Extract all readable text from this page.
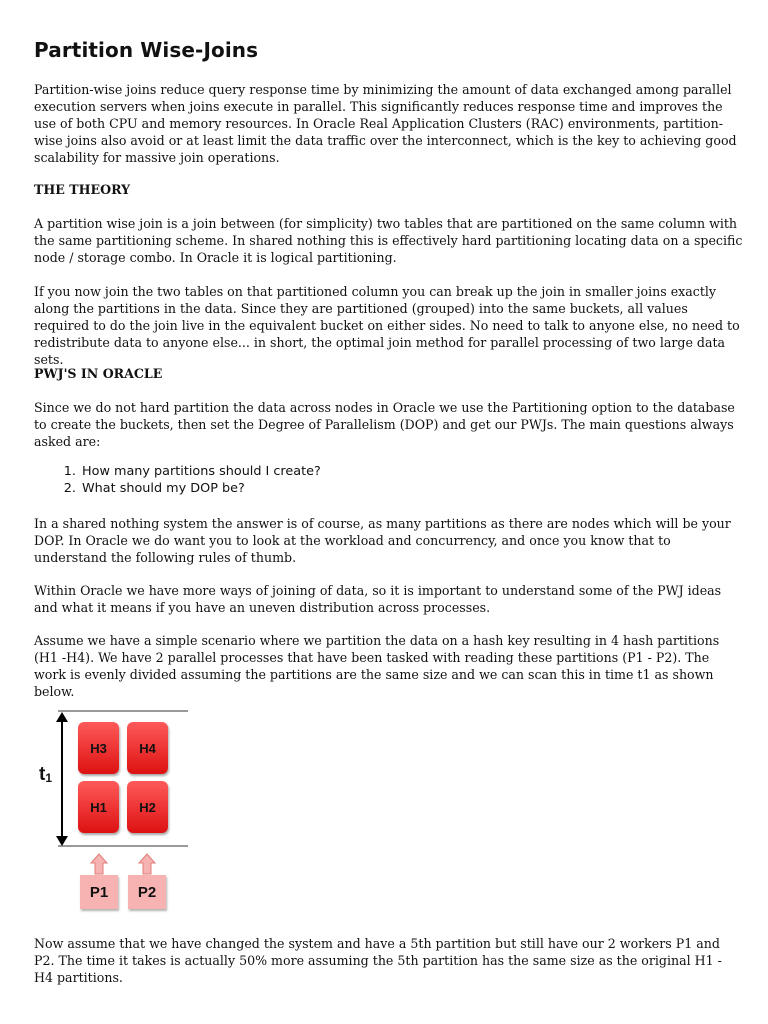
Partition Wise-Joins

Partition-wise joins reduce query response time by minimizing the amount of data exchanged among parallel execution servers when joins execute in parallel. This significantly reduces response time and improves the use of both CPU and memory resources. In Oracle Real Application Clusters (RAC) environments, partition-wise joins also avoid or at least limit the data traffic over the interconnect, which is the key to achieving good scalability for massive join operations.

THE THEORY

A partition wise join is a join between (for simplicity) two tables that are partitioned on the same column with the same partitioning scheme. In shared nothing this is effectively hard partitioning locating data on a specific node / storage combo. In Oracle it is logical partitioning.

If you now join the two tables on that partitioned column you can break up the join in smaller joins exactly along the partitions in the data. Since they are partitioned (grouped) into the same buckets, all values required to do the join live in the equivalent bucket on either sides. No need to talk to anyone else, no need to redistribute data to anyone else... in short, the optimal join method for parallel processing of two large data sets.

PWJ'S IN ORACLE

Since we do not hard partition the data across nodes in Oracle we use the Partitioning option to the database to create the buckets, then set the Degree of Parallelism (DOP) and get our PWJs. The main questions always asked are:

1. How many partitions should I create?
2. What should my DOP be?

In a shared nothing system the answer is of course, as many partitions as there are nodes which will be your DOP. In Oracle we do want you to look at the workload and concurrency, and once you know that to understand the following rules of thumb.

Within Oracle we have more ways of joining of data, so it is important to understand some of the PWJ ideas and what it means if you have an uneven distribution across processes.

Assume we have a simple scenario where we partition the data on a hash key resulting in 4 hash partitions (H1 -H4). We have 2 parallel processes that have been tasked with reading these partitions (P1 - P2). The work is evenly divided assuming the partitions are the same size and we can scan this in time t1 as shown below.

Now assume that we have changed the system and have a 5th partition but still have our 2 workers P1 and P2. The time it takes is actually 50% more assuming the 5th partition has the same size as the original H1 - H4 partitions.

$t_1$
H3	H4
H1	H2
P1	P2
